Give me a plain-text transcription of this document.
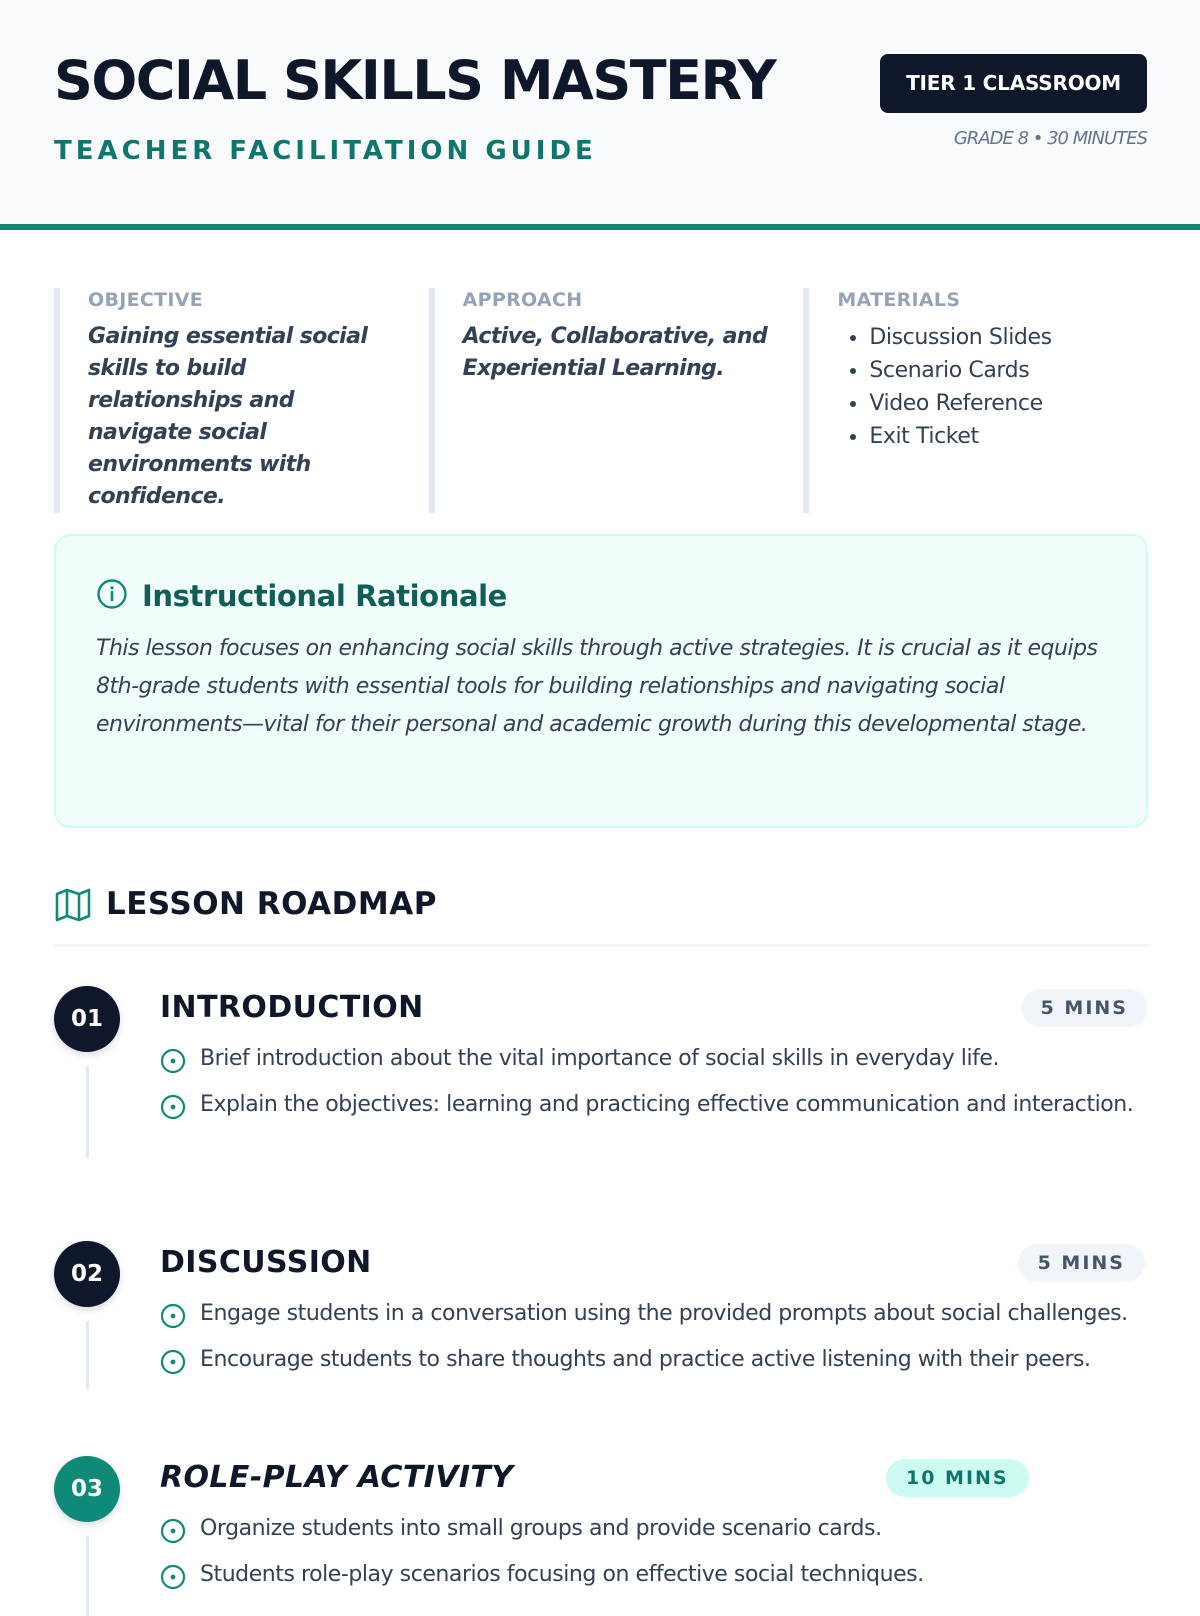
SOCIAL SKILLS MASTERY
TEACHER FACILITATION GUIDE
TIER 1 CLASSROOM
GRADE 8 • 30 MINUTES
OBJECTIVE
Gaining essential social skills to build relationships and navigate social environments with confidence.
APPROACH
Active, Collaborative, and Experiential Learning.
MATERIALS
• Discussion Slides
• Scenario Cards
• Video Reference
• Exit Ticket
Instructional Rationale
This lesson focuses on enhancing social skills through active strategies. It is crucial as it equips 8th-grade students with essential tools for building relationships and navigating social environments—vital for their personal and academic growth during this developmental stage.
LESSON ROADMAP
01	INTRODUCTION	5 MINS
Brief introduction about the vital importance of social skills in everyday life.
Explain the objectives: learning and practicing effective communication and interaction.
02	DISCUSSION	5 MINS
Engage students in a conversation using the provided prompts about social challenges.
Encourage students to share thoughts and practice active listening with their peers.
03	ROLE-PLAY ACTIVITY	10 MINS
Organize students into small groups and provide scenario cards.
Students role-play scenarios focusing on effective social techniques.
